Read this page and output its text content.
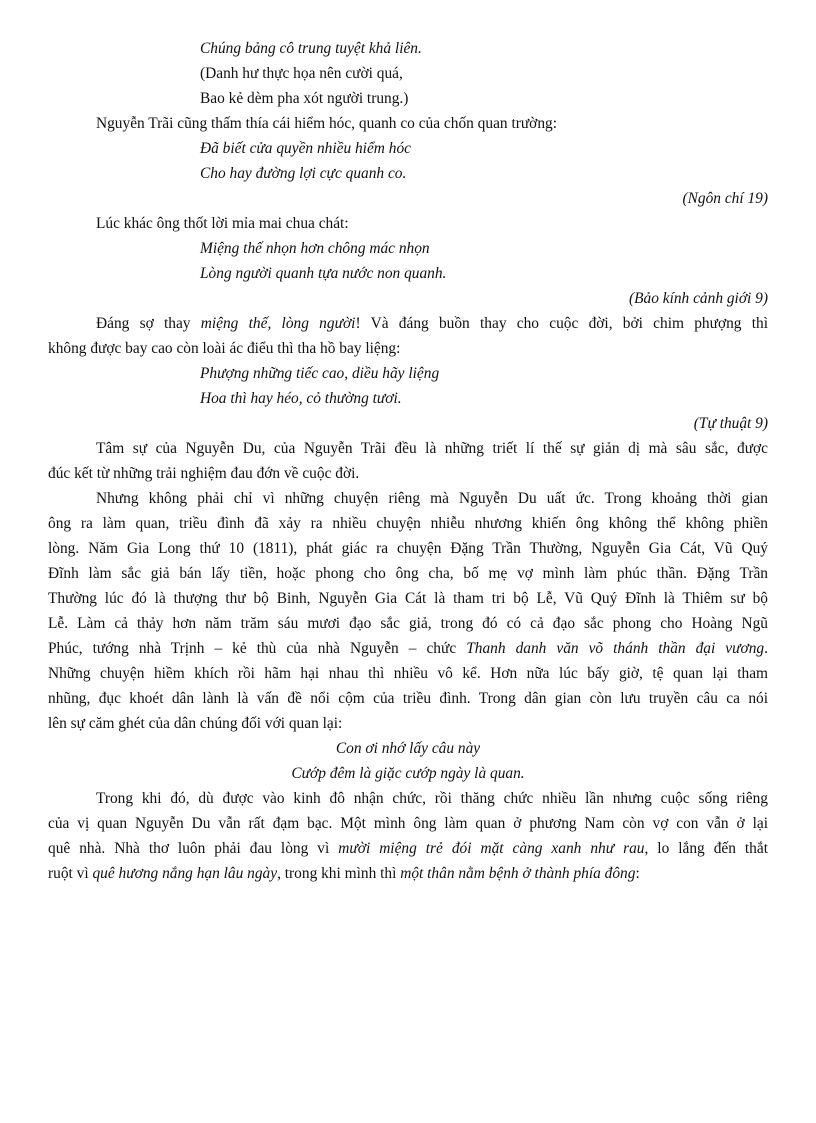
Chúng bảng cô trung tuyệt khả liên.
(Danh hư thực họa nên cười quá,
Bao kẻ dèm pha xót người trung.)
Nguyễn Trãi cũng thấm thía cái hiểm hóc, quanh co của chốn quan trường:
Đã biết cửa quyền nhiều hiểm hóc
Cho hay đường lợi cực quanh co.
(Ngôn chí 19)
Lúc khác ông thốt lời mỉa mai chua chát:
Miệng thế nhọn hơn chông mác nhọn
Lòng người quanh tựa nước non quanh.
(Bảo kính cảnh giới 9)
Đáng sợ thay miệng thế, lòng người! Và đáng buồn thay cho cuộc đời, bởi chim phượng thì
không được bay cao còn loài ác điểu thì tha hồ bay liệng:
Phượng những tiếc cao, diều hãy liệng
Hoa thì hay héo, cỏ thường tươi.
(Tự thuật 9)
Tâm sự của Nguyễn Du, của Nguyễn Trãi đều là những triết lí thế sự giản dị mà sâu sắc, được
đúc kết từ những trải nghiệm đau đớn về cuộc đời.
Nhưng không phải chỉ vì những chuyện riêng mà Nguyễn Du uất ức. Trong khoảng thời gian
ông ra làm quan, triều đình đã xảy ra nhiều chuyện nhiễu nhương khiến ông không thể không phiền
lòng. Năm Gia Long thứ 10 (1811), phát giác ra chuyện Đặng Trần Thường, Nguyễn Gia Cát, Vũ Quý
Đĩnh làm sắc giả bán lấy tiền, hoặc phong cho ông cha, bố mẹ vợ mình làm phúc thần. Đặng Trần
Thường lúc đó là thượng thư bộ Binh, Nguyễn Gia Cát là tham tri bộ Lễ, Vũ Quý Đĩnh là Thiêm sư bộ
Lễ. Làm cả thảy hơn năm trăm sáu mươi đạo sắc giả, trong đó có cả đạo sắc phong cho Hoàng Ngũ
Phúc, tướng nhà Trịnh – kẻ thù của nhà Nguyễn – chức Thanh danh văn võ thánh thần đại vương.
Những chuyện hiềm khích rồi hãm hại nhau thì nhiều vô kể. Hơn nữa lúc bấy giờ, tệ quan lại tham
nhũng, đục khoét dân lành là vấn đề nổi cộm của triều đình. Trong dân gian còn lưu truyền câu ca nói
lên sự căm ghét của dân chúng đối với quan lại:
Con ơi nhớ lấy câu này
Cướp đêm là giặc cướp ngày là quan.
Trong khi đó, dù được vào kinh đô nhận chức, rồi thăng chức nhiều lần nhưng cuộc sống riêng
của vị quan Nguyễn Du vẫn rất đạm bạc. Một mình ông làm quan ở phương Nam còn vợ con vẫn ở lại
quê nhà. Nhà thơ luôn phải đau lòng vì mười miệng trẻ đói mặt càng xanh như rau, lo lắng đến thắt
ruột vì quê hương nắng hạn lâu ngày, trong khi mình thì một thân nằm bệnh ở thành phía đông:
